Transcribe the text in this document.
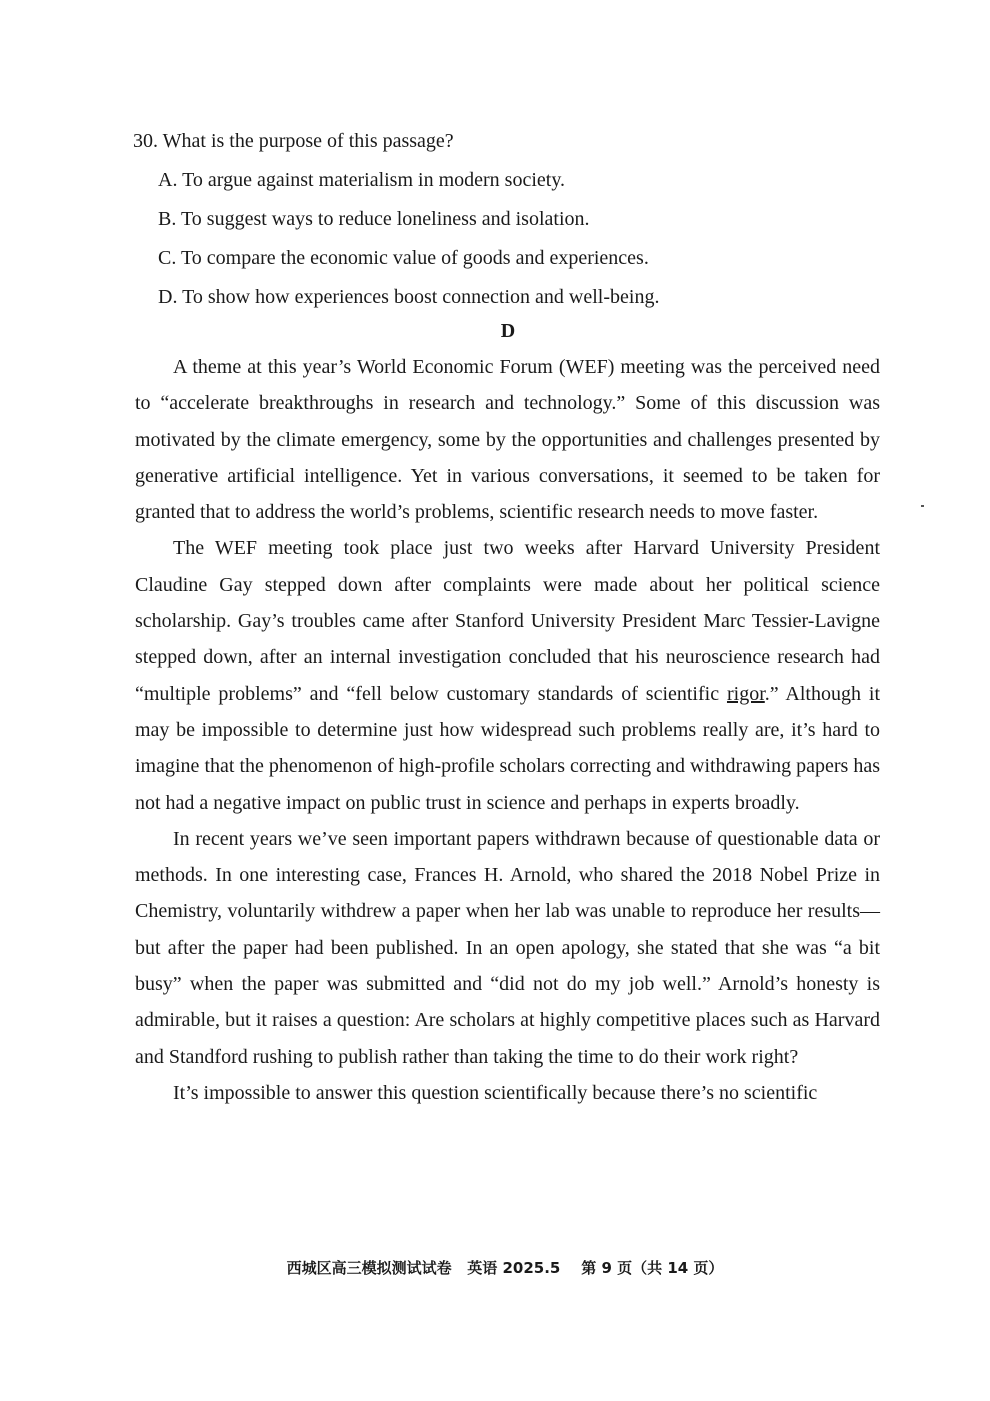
30. What is the purpose of this passage?

A. To argue against materialism in modern society.

B. To suggest ways to reduce loneliness and isolation.

C. To compare the economic value of goods and experiences.

D. To show how experiences boost connection and well-being.

D

A theme at this year’s World Economic Forum (WEF) meeting was the perceived need to “accelerate breakthroughs in research and technology.” Some of this discussion was motivated by the climate emergency, some by the opportunities and challenges presented by generative artificial intelligence. Yet in various conversations, it seemed to be taken for granted that to address the world’s problems, scientific research needs to move faster.

The WEF meeting took place just two weeks after Harvard University President Claudine Gay stepped down after complaints were made about her political science scholarship. Gay’s troubles came after Stanford University President Marc Tessier-Lavigne stepped down, after an internal investigation concluded that his neuroscience research had “multiple problems” and “fell below customary standards of scientific rigor.” Although it may be impossible to determine just how widespread such problems really are, it’s hard to imagine that the phenomenon of high-profile scholars correcting and withdrawing papers has not had a negative impact on public trust in science and perhaps in experts broadly.

In recent years we’ve seen important papers withdrawn because of questionable data or methods. In one interesting case, Frances H. Arnold, who shared the 2018 Nobel Prize in Chemistry, voluntarily withdrew a paper when her lab was unable to reproduce her results—but after the paper had been published. In an open apology, she stated that she was “a bit busy” when the paper was submitted and “did not do my job well.” Arnold’s honesty is admirable, but it raises a question: Are scholars at highly competitive places such as Harvard and Standford rushing to publish rather than taking the time to do their work right?

It’s impossible to answer this question scientifically because there’s no scientific

西城区高三模拟测试试卷   英语 2025.5    第 9 页（共 14 页）
